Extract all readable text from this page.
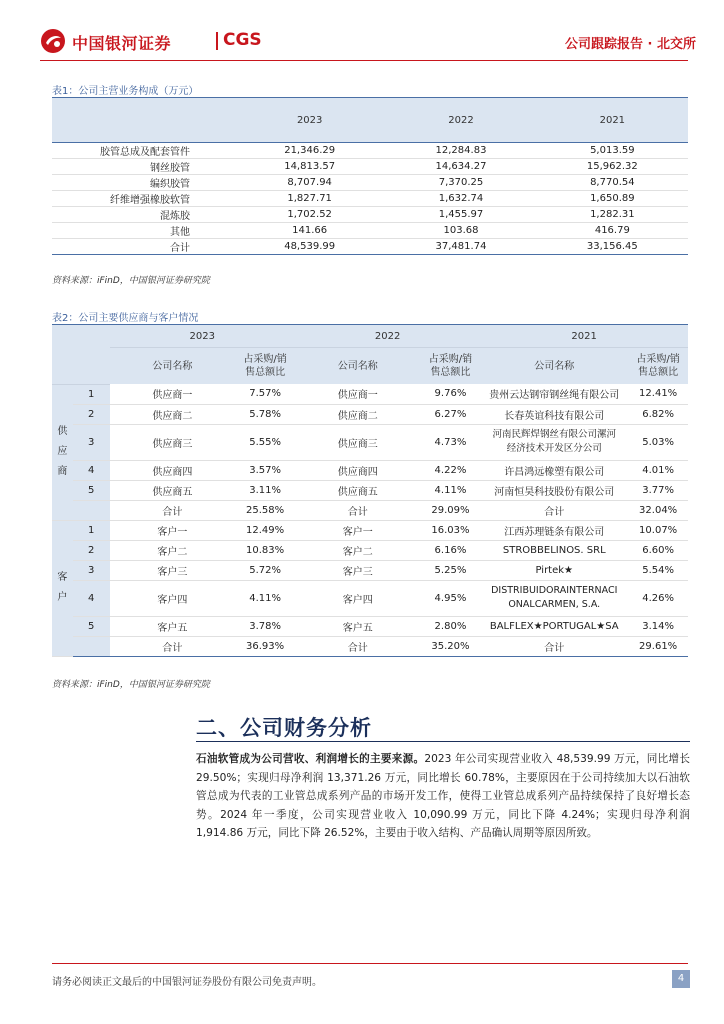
中国银河证券	CGS	公司跟踪报告 · 北交所
表1：公司主营业务构成（万元）
	2023	2022	2021
胶管总成及配套管件	21,346.29	12,284.83	5,013.59
钢丝胶管	14,813.57	14,634.27	15,962.32
编织胶管	8,707.94	7,370.25	8,770.54
纤维增强橡胶软管	1,827.71	1,632.74	1,650.89
混炼胶	1,702.52	1,455.97	1,282.31
其他	141.66	103.68	416.79
合计	48,539.99	37,481.74	33,156.45
资料来源：iFinD，中国银河证券研究院
表2：公司主要供应商与客户情况
		2023		2022		2021	
		公司名称	占采购/销
售总额比	公司名称	占采购/销
售总额比	公司名称	占采购/销
售总额比
供
应
商	1	供应商一	7.57%	供应商一	9.76%	贵州云达钢帘钢丝绳有限公司	12.41%
	2	供应商二	5.78%	供应商二	6.27%	长春英谊科技有限公司	6.82%
	3	供应商三	5.55%	供应商三	4.73%	河南民辉焊钢丝有限公司漯河
经济技术开发区分公司	5.03%
	4	供应商四	3.57%	供应商四	4.22%	许昌鸿远橡塑有限公司	4.01%
	5	供应商五	3.11%	供应商五	4.11%	河南恒昊科技股份有限公司	3.77%
		合计	25.58%	合计	29.09%	合计	32.04%
客
户	1	客户一	12.49%	客户一	16.03%	江西苏理链条有限公司	10.07%
	2	客户二	10.83%	客户二	6.16%	STROBBELINOS. SRL	6.60%
	3	客户三	5.72%	客户三	5.25%	Pirtek★	5.54%
	4	客户四	4.11%	客户四	4.95%	DISTRIBUIDORAINTERNACI
ONALCARMEN, S.A.	4.26%
	5	客户五	3.78%	客户五	2.80%	BALFLEX★PORTUGAL★SA	3.14%
		合计	36.93%	合计	35.20%	合计	29.61%
资料来源：iFinD，中国银河证券研究院
二、公司财务分析
石油软管成为公司营收、利润增长的主要来源。2023 年公司实现营业收入 48,539.99 万元，同比增长 29.50%；实现归母净利润 13,371.26 万元，同比增长 60.78%，主要原因在于公司持续加大以石油软管总成为代表的工业管总成系列产品的市场开发工作，使得工业管总成系列产品持续保持了良好增长态势。2024 年一季度，公司实现营业收入 10,090.99 万元，同比下降 4.24%；实现归母净利润 1,914.86 万元，同比下降 26.52%，主要由于收入结构、产品确认周期等原因所致。
请务必阅读正文最后的中国银河证券股份有限公司免责声明。	4
